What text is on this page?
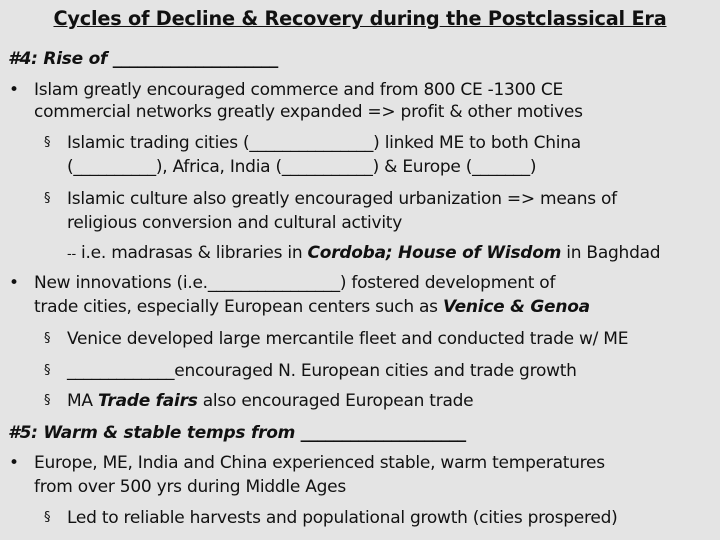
Cycles of Decline & Recovery during the Postclassical Era
#4: Rise of ____________________
• Islam greatly encouraged commerce and from 800 CE -1300 CE
commercial networks greatly expanded => profit & other motives
§ Islamic trading cities (_______________) linked ME to both China
(__________), Africa, India (___________) & Europe (_______)
§ Islamic culture also greatly encouraged urbanization => means of
religious conversion and cultural activity
-- i.e. madrasas & libraries in Cordoba; House of Wisdom in Baghdad
• New innovations (i.e.________________) fostered development of
trade cities, especially European centers such as Venice & Genoa
§ Venice developed large mercantile fleet and conducted trade w/ ME
§ _____________encouraged N. European cities and trade growth
§ MA Trade fairs also encouraged European trade
#5: Warm & stable temps from ____________________
• Europe, ME, India and China experienced stable, warm temperatures
from over 500 yrs during Middle Ages
§ Led to reliable harvests and populational growth (cities prospered)
